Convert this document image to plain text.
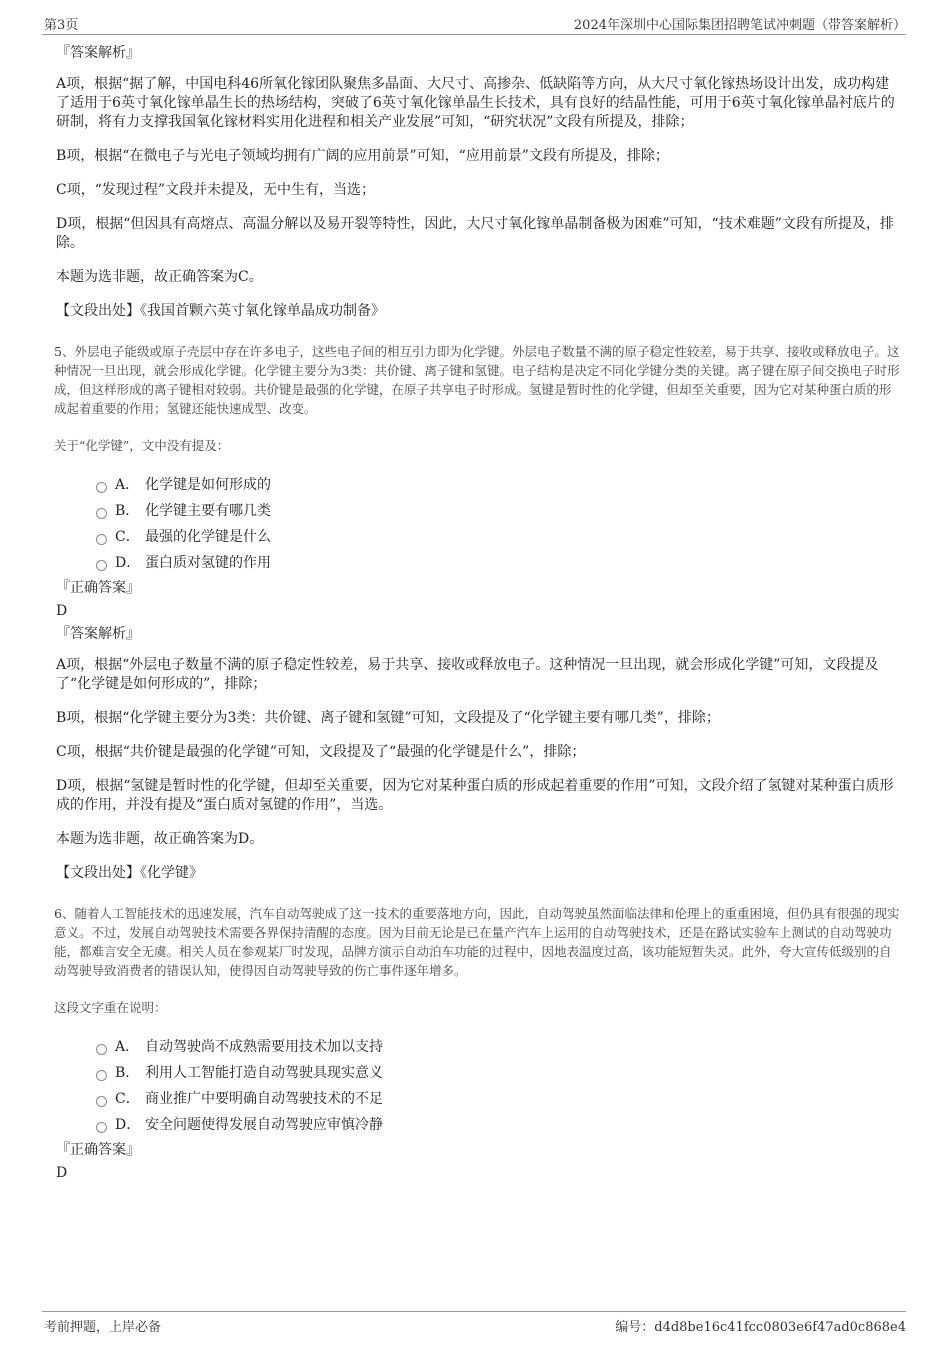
第3页	2024年深圳中心国际集团招聘笔试冲刺题（带答案解析）

『答案解析』

A项，根据“据了解，中国电科46所氧化镓团队聚焦多晶面、大尺寸、高掺杂、低缺陷等方向，从大尺寸氧化镓热场设计出发，成功构建了适用于6英寸氧化镓单晶生长的热场结构，突破了6英寸氧化镓单晶生长技术，具有良好的结晶性能，可用于6英寸氧化镓单晶衬底片的研制，将有力支撑我国氧化镓材料实用化进程和相关产业发展”可知，“研究状况”文段有所提及，排除；

B项，根据“在微电子与光电子领域均拥有广阔的应用前景”可知，“应用前景”文段有所提及，排除；

C项，“发现过程”文段并未提及，无中生有，当选；

D项，根据“但因具有高熔点、高温分解以及易开裂等特性，因此，大尺寸氧化镓单晶制备极为困难”可知，“技术难题”文段有所提及，排除。

本题为选非题，故正确答案为C。

【文段出处】《我国首颗六英寸氧化镓单晶成功制备》

5、外层电子能级或原子壳层中存在许多电子，这些电子间的相互引力即为化学键。外层电子数量不满的原子稳定性较差，易于共享、接收或释放电子。这种情况一旦出现，就会形成化学键。化学键主要分为3类：共价键、离子键和氢键。电子结构是决定不同化学键分类的关键。离子键在原子间交换电子时形成，但这样形成的离子键相对较弱。共价键是最强的化学键，在原子共享电子时形成。氢键是暂时性的化学键，但却至关重要，因为它对某种蛋白质的形成起着重要的作用；氢键还能快速成型、改变。

关于“化学键”，文中没有提及：

A． 化学键是如何形成的
B． 化学键主要有哪几类
C． 最强的化学键是什么
D． 蛋白质对氢键的作用

『正确答案』

D

『答案解析』

A项，根据“外层电子数量不满的原子稳定性较差，易于共享、接收或释放电子。这种情况一旦出现，就会形成化学键”可知，文段提及了“化学键是如何形成的”，排除；

B项，根据“化学键主要分为3类：共价键、离子键和氢键”可知，文段提及了“化学键主要有哪几类”，排除；

C项，根据“共价键是最强的化学键”可知，文段提及了“最强的化学键是什么”，排除；

D项，根据“氢键是暂时性的化学键，但却至关重要，因为它对某种蛋白质的形成起着重要的作用”可知，文段介绍了氢键对某种蛋白质形成的作用，并没有提及“蛋白质对氢键的作用”，当选。

本题为选非题，故正确答案为D。

【文段出处】《化学键》

6、随着人工智能技术的迅速发展，汽车自动驾驶成了这一技术的重要落地方向，因此，自动驾驶虽然面临法律和伦理上的重重困境，但仍具有很强的现实意义。不过，发展自动驾驶技术需要各界保持清醒的态度。因为目前无论是已在量产汽车上运用的自动驾驶技术，还是在路试实验车上测试的自动驾驶功能，都难言安全无虞。相关人员在参观某厂时发现，品牌方演示自动泊车功能的过程中，因地表温度过高，该功能短暂失灵。此外，夸大宣传低级别的自动驾驶导致消费者的错误认知，使得因自动驾驶导致的伤亡事件逐年增多。

这段文字重在说明：

A． 自动驾驶尚不成熟需要用技术加以支持
B． 利用人工智能打造自动驾驶具现实意义
C． 商业推广中要明确自动驾驶技术的不足
D． 安全问题使得发展自动驾驶应审慎冷静

『正确答案』

D

考前押题，上岸必备	编号：d4d8be16c41fcc0803e6f47ad0c868e4
